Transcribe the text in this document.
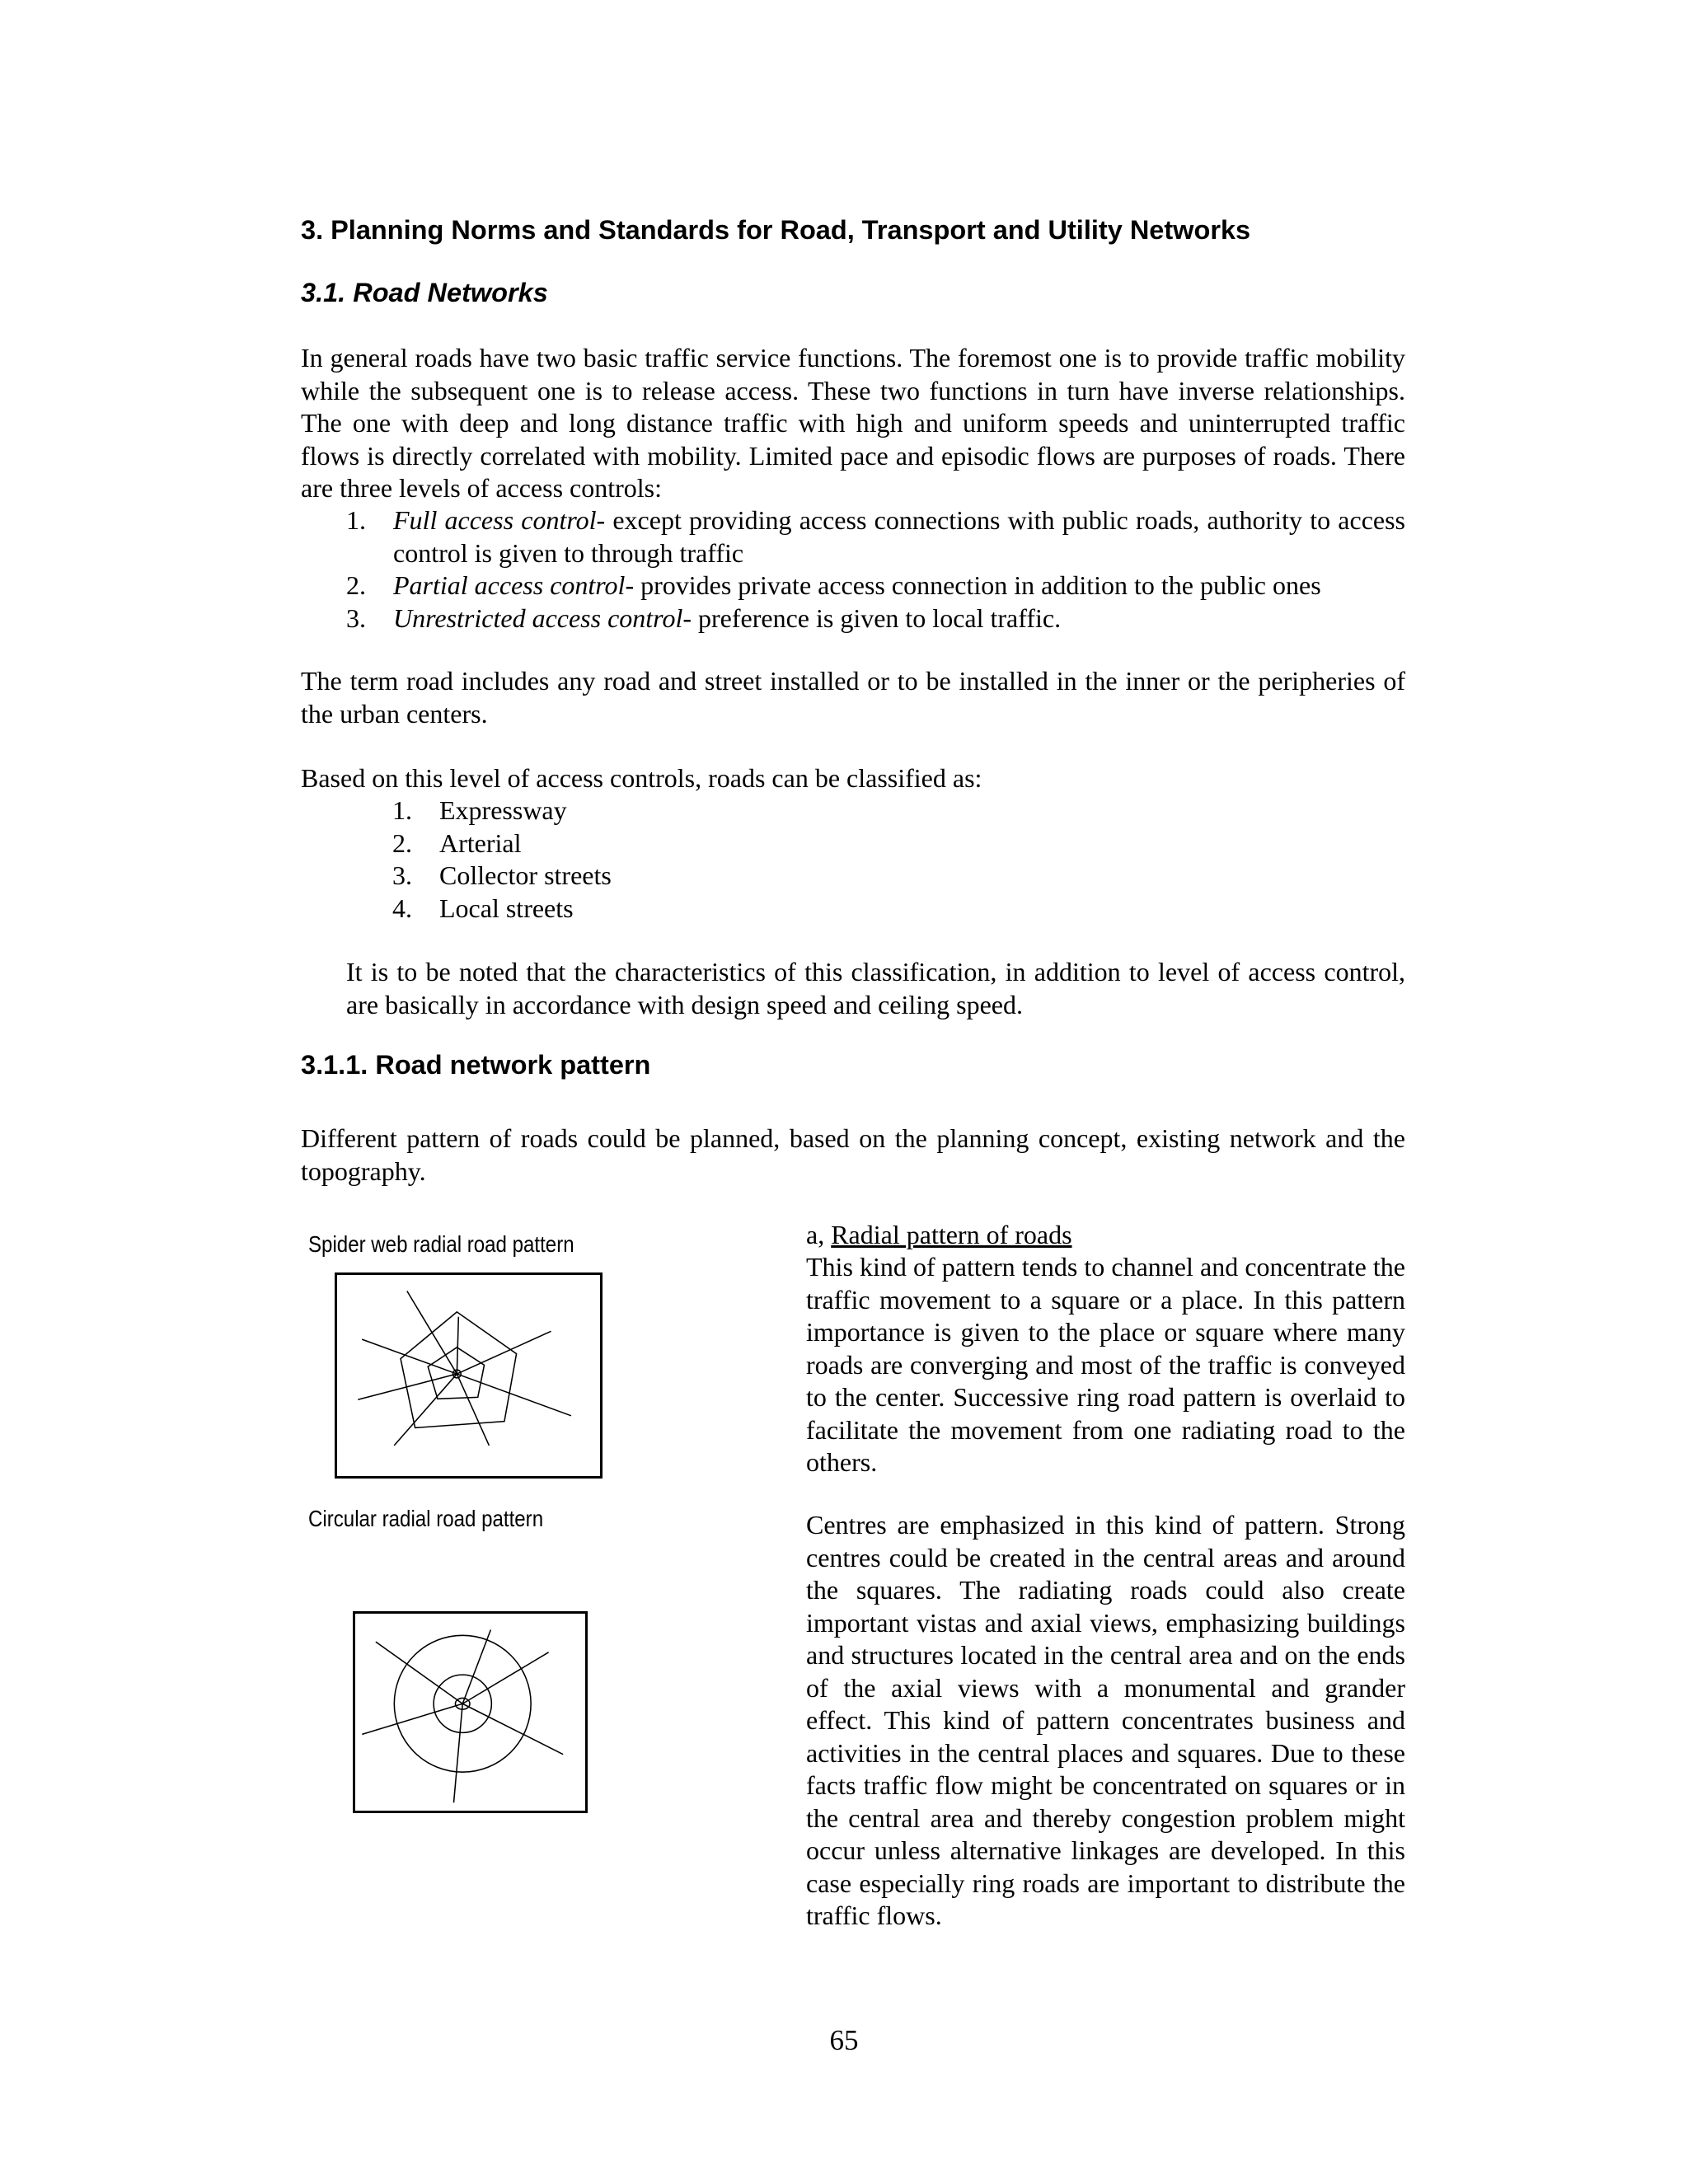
3. Planning Norms and Standards for Road, Transport and Utility Networks
3.1. Road Networks
In general roads have two basic traffic service functions. The foremost one is to provide traffic mobility while the subsequent one is to release access. These two functions in turn have inverse relationships. The one with deep and long distance traffic with high and uniform speeds and uninterrupted traffic flows is directly correlated with mobility. Limited pace and episodic flows are purposes of roads. There are three levels of access controls:
1.	Full access control- except providing access connections with public roads, authority to access control is given to through traffic
2.	Partial access control- provides private access connection in addition to the public ones
3.	Unrestricted access control- preference is given to local traffic.
The term road includes any road and street installed or to be installed in the inner or the peripheries of the urban centers.
Based on this level of access controls, roads can be classified as:
1.	Expressway
2.	Arterial
3.	Collector streets
4.	Local streets
It is to be noted that the characteristics of this classification, in addition to level of access control, are basically in accordance with design speed and ceiling speed.
3.1.1. Road network pattern
Different pattern of roads could be planned, based on the planning concept, existing network and the topography.
Spider web radial road pattern
Circular radial road pattern
a, Radial pattern of roads
This kind of pattern tends to channel and concentrate the traffic movement to a square or a place. In this pattern importance is given to the place or square where many roads are converging and most of the traffic is conveyed to the center. Successive ring road pattern is overlaid to facilitate the movement from one radiating road to the others.
Centres are emphasized in this kind of pattern. Strong centres could be created in the central areas and around the squares. The radiating roads could also create important vistas and axial views, emphasizing buildings and structures located in the central area and on the ends of the axial views with a monumental and grander effect. This kind of pattern concentrates business and activities in the central places and squares. Due to these facts traffic flow might be concentrated on squares or in the central area and thereby congestion problem might occur unless alternative linkages are developed. In this case especially ring roads are important to distribute the traffic flows.
65
